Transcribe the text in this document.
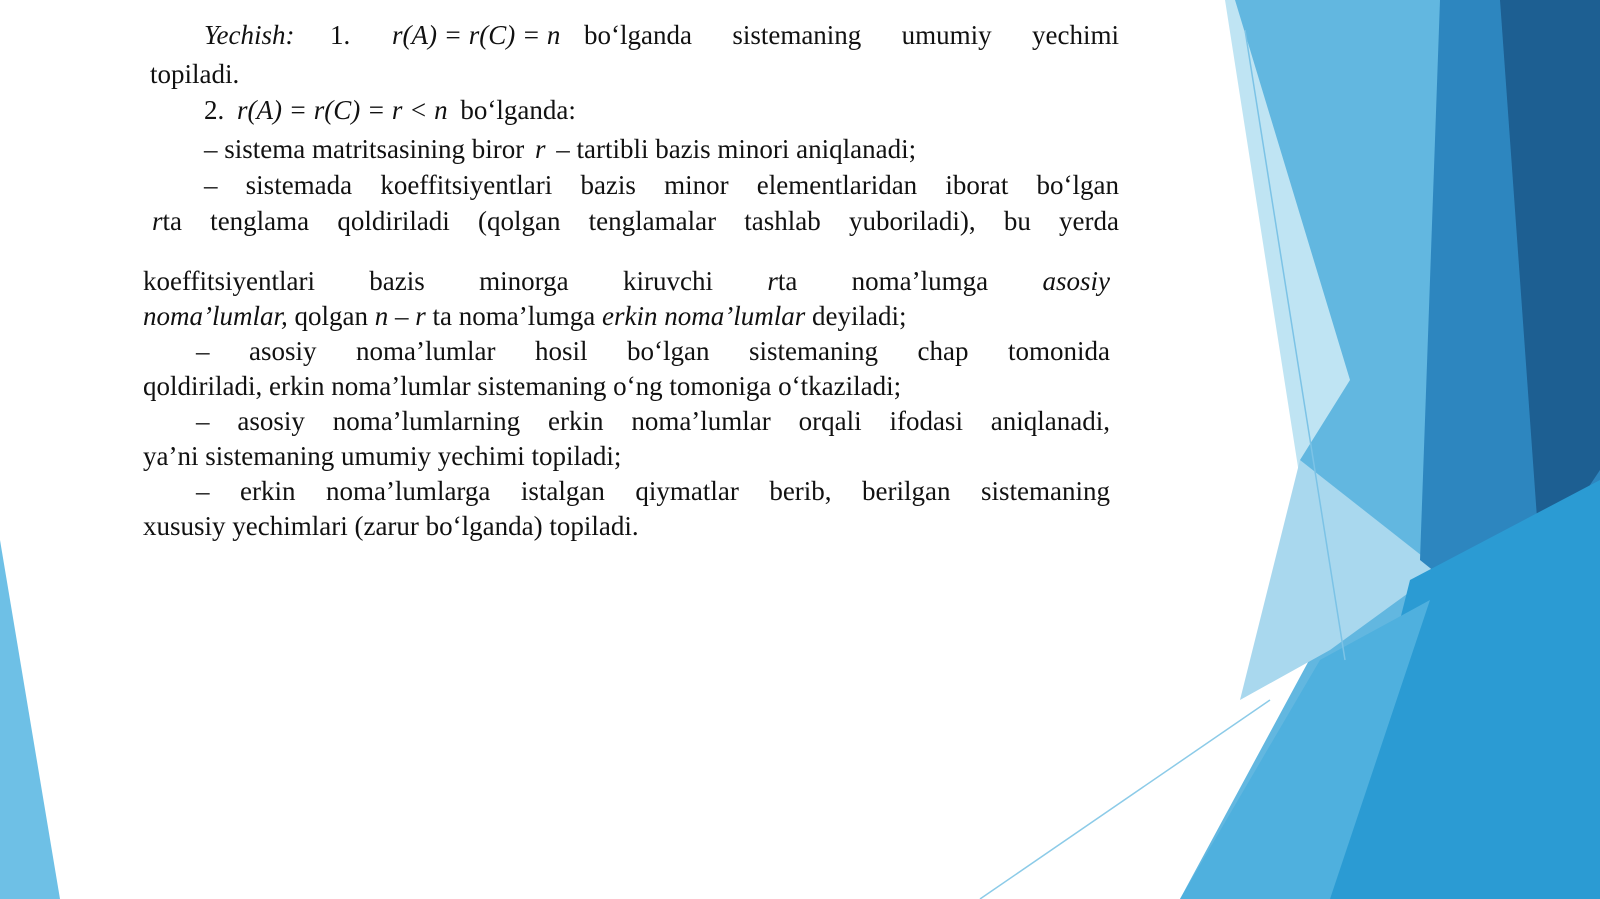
Yechish: 1. r(A) = r(C) = n bo‘lganda sistemaning umumiy yechimi
topiladi.
2. r(A) = r(C) = r < n bo‘lganda:
– sistema matritsasining biror r – tartibli bazis minori aniqlanadi;
– sistemada koeffitsiyentlari bazis minor elementlaridan iborat bo‘lgan
rta tenglama qoldiriladi (qolgan tenglamalar tashlab yuboriladi), bu yerda
koeffitsiyentlari bazis minorga kiruvchi rta noma’lumga asosiy
noma’lumlar, qolgan n – r ta noma’lumga erkin noma’lumlar deyiladi;
– asosiy noma’lumlar hosil bo‘lgan sistemaning chap tomonida
qoldiriladi, erkin noma’lumlar sistemaning o‘ng tomoniga o‘tkaziladi;
– asosiy noma’lumlarning erkin noma’lumlar orqali ifodasi aniqlanadi,
ya’ni sistemaning umumiy yechimi topiladi;
– erkin noma’lumlarga istalgan qiymatlar berib, berilgan sistemaning
xususiy yechimlari (zarur bo‘lganda) topiladi.
